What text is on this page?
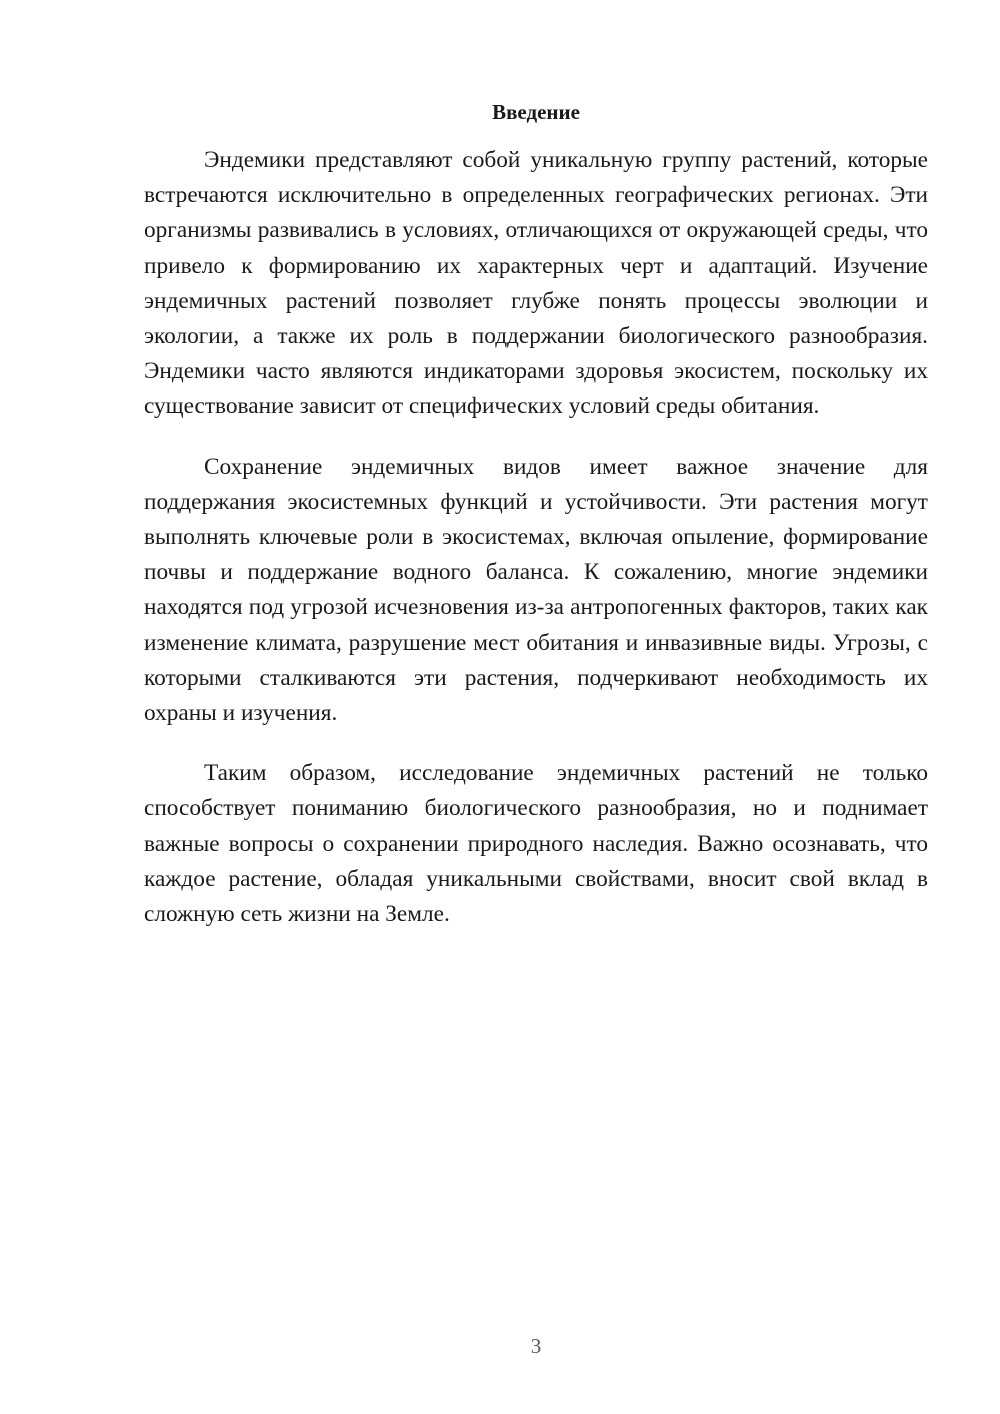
Введение

Эндемики представляют собой уникальную группу растений, которые встречаются исключительно в определенных географических регионах. Эти организмы развивались в условиях, отличающихся от окружающей среды, что привело к формированию их характерных черт и адаптаций. Изучение эндемичных растений позволяет глубже понять процессы эволюции и экологии, а также их роль в поддержании биологического разнообразия. Эндемики часто являются индикаторами здоровья экосистем, поскольку их существование зависит от специфических условий среды обитания.

Сохранение эндемичных видов имеет важное значение для поддержания экосистемных функций и устойчивости. Эти растения могут выполнять ключевые роли в экосистемах, включая опыление, формирование почвы и поддержание водного баланса. К сожалению, многие эндемики находятся под угрозой исчезновения из-за антропогенных факторов, таких как изменение климата, разрушение мест обитания и инвазивные виды. Угрозы, с которыми сталкиваются эти растения, подчеркивают необходимость их охраны и изучения.

Таким образом, исследование эндемичных растений не только способствует пониманию биологического разнообразия, но и поднимает важные вопросы о сохранении природного наследия. Важно осознавать, что каждое растение, обладая уникальными свойствами, вносит свой вклад в сложную сеть жизни на Земле.

3
